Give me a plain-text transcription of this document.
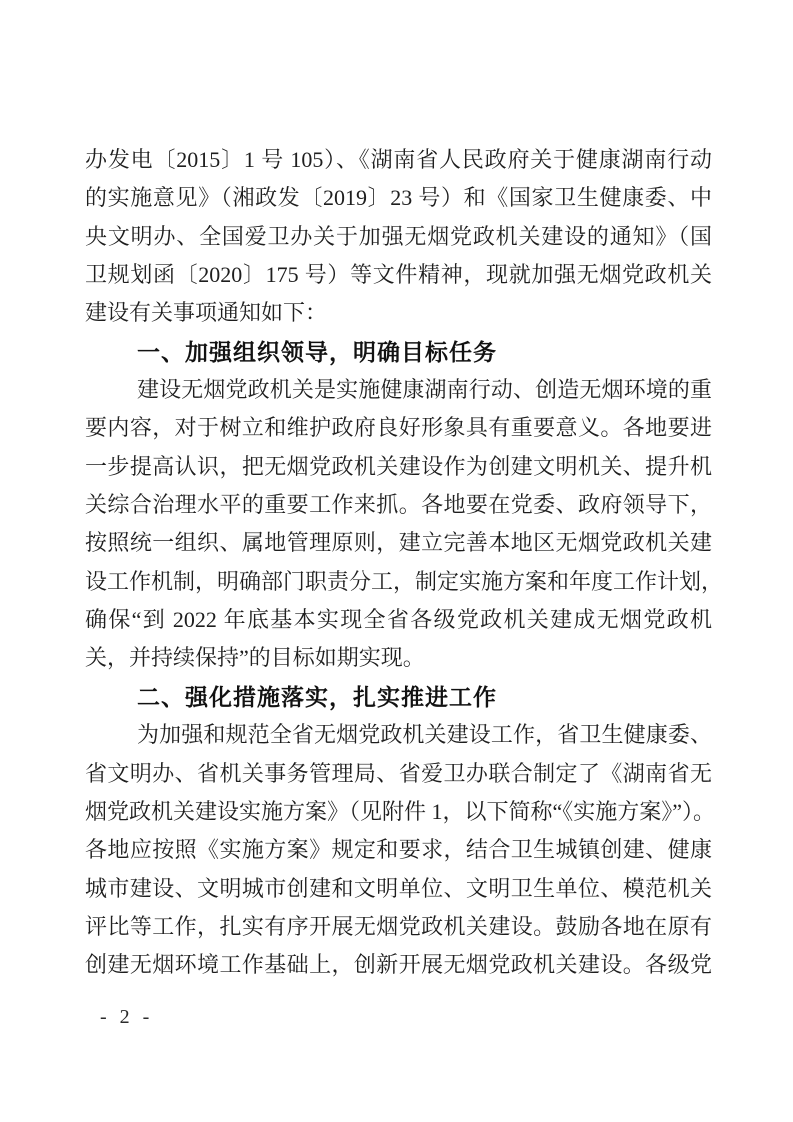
办发电〔2015〕1 号 105）、《湖南省人民政府关于健康湖南行动
的实施意见》（湘政发〔2019〕23 号）和《国家卫生健康委、中
央文明办、全国爱卫办关于加强无烟党政机关建设的通知》（国
卫规划函〔2020〕175 号）等文件精神，现就加强无烟党政机关
建设有关事项通知如下：
一、加强组织领导，明确目标任务
建设无烟党政机关是实施健康湖南行动、创造无烟环境的重
要内容，对于树立和维护政府良好形象具有重要意义。各地要进
一步提高认识，把无烟党政机关建设作为创建文明机关、提升机
关综合治理水平的重要工作来抓。各地要在党委、政府领导下，
按照统一组织、属地管理原则，建立完善本地区无烟党政机关建
设工作机制，明确部门职责分工，制定实施方案和年度工作计划，
确保“到 2022 年底基本实现全省各级党政机关建成无烟党政机
关，并持续保持”的目标如期实现。
二、强化措施落实，扎实推进工作
为加强和规范全省无烟党政机关建设工作，省卫生健康委、
省文明办、省机关事务管理局、省爱卫办联合制定了《湖南省无
烟党政机关建设实施方案》（见附件 1，以下简称“《实施方案》”）。
各地应按照《实施方案》规定和要求，结合卫生城镇创建、健康
城市建设、文明城市创建和文明单位、文明卫生单位、模范机关
评比等工作，扎实有序开展无烟党政机关建设。鼓励各地在原有
创建无烟环境工作基础上，创新开展无烟党政机关建设。各级党
- 2 -
